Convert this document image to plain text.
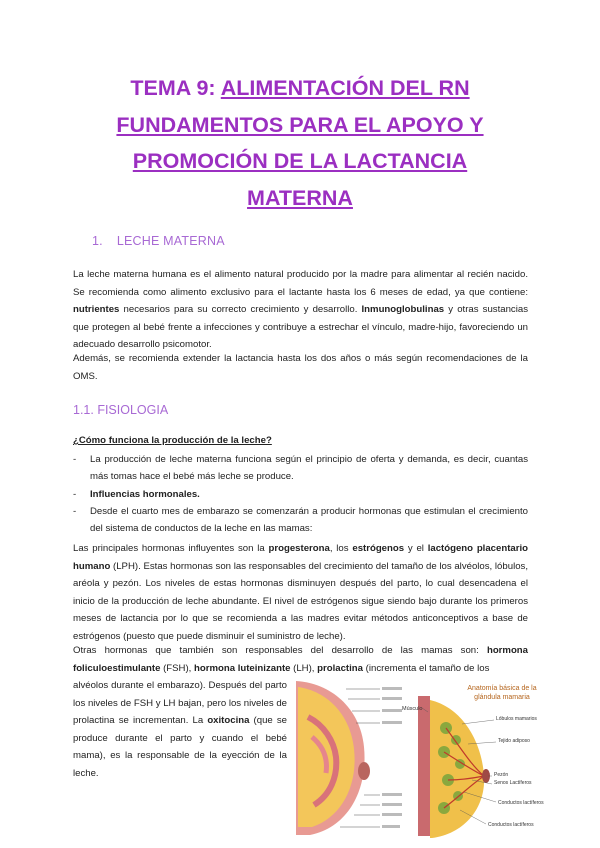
TEMA 9: ALIMENTACIÓN DEL RN
FUNDAMENTOS PARA EL APOYO Y
PROMOCIÓN DE LA LACTANCIA
MATERNA
1. LECHE MATERNA
La leche materna humana es el alimento natural producido por la madre para alimentar al recién nacido. Se recomienda como alimento exclusivo para el lactante hasta los 6 meses de edad, ya que contiene: nutrientes necesarios para su correcto crecimiento y desarrollo. Inmunoglobulinas y otras sustancias que protegen al bebé frente a infecciones y contribuye a estrechar el vínculo, madre-hijo, favoreciendo un adecuado desarrollo psicomotor.
Además, se recomienda extender la lactancia hasta los dos años o más según recomendaciones de la OMS.
1.1. FISIOLOGIA
¿Cómo funciona la producción de la leche?
- La producción de leche materna funciona según el principio de oferta y demanda, es decir, cuantas más tomas hace el bebé más leche se produce.
- Influencias hormonales.
- Desde el cuarto mes de embarazo se comenzarán a producir hormonas que estimulan el crecimiento del sistema de conductos de la leche en las mamas:
Las principales hormonas influyentes son la progesterona, los estrógenos y el lactógeno placentario humano (LPH). Estas hormonas son las responsables del crecimiento del tamaño de los alvéolos, lóbulos, aréola y pezón. Los niveles de estas hormonas disminuyen después del parto, lo cual desencadena el inicio de la producción de leche abundante. El nivel de estrógenos sigue siendo bajo durante los primeros meses de lactancia por lo que se recomienda a las madres evitar métodos anticonceptivos a base de estrógenos (puesto que puede disminuir el suministro de leche).
Otras hormonas que también son responsables del desarrollo de las mamas son: hormona foliculoestimulante (FSH), hormona luteinizante (LH), prolactina (incrementa el tamaño de los
alvéolos durante el embarazo). Después del parto los niveles de FSH y LH bajan, pero los niveles de prolactina se incrementan. La oxitocina (que se produce durante el parto y cuando el bebé mama), es la responsable de la eyección de la leche.
Anatomía básica de la
glándula mamaria
Músculo
Lóbulos mamarios
Tejido adiposo
Pezón
Senos Lactíferos
Conductos lactíferos
Conductos lactíferos
